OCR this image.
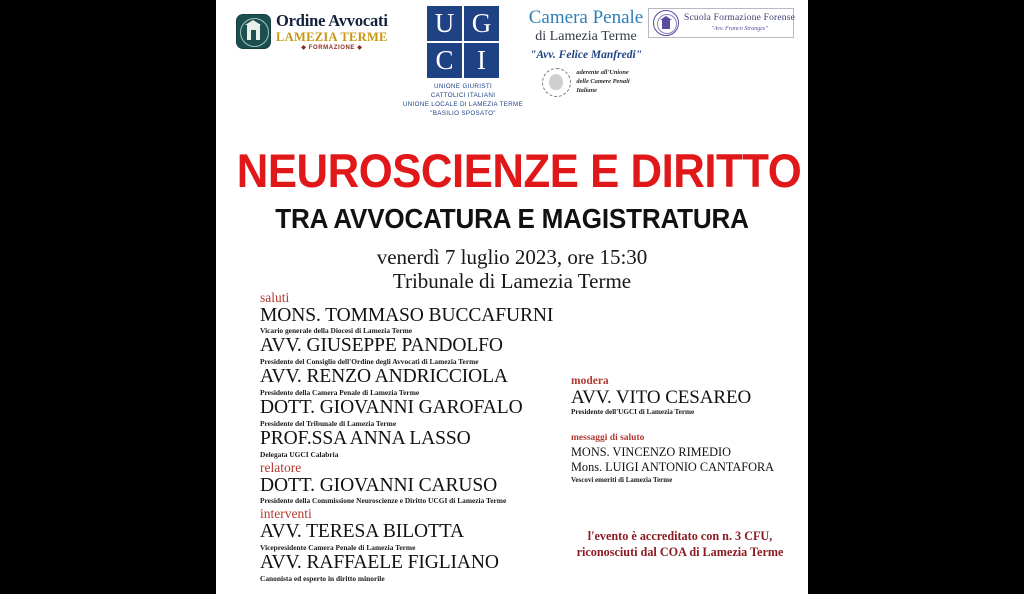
Ordine Avvocati
LAMEZIA TERME
◆ FORMAZIONE ◆
U G
C I
UNIONE GIURISTI
CATTOLICI ITALIANI
UNIONE LOCALE DI LAMEZIA TERME
"BASILIO SPOSATO"
Camera Penale
di Lamezia Terme
"Avv. Felice Manfredi"
aderente all'Unione
delle Camere Penali
Italiane
Scuola Formazione Forense
"Avv. Franco Stranges"
NEUROSCIENZE E DIRITTO
TRA AVVOCATURA E MAGISTRATURA
venerdì 7 luglio 2023, ore 15:30
Tribunale di Lamezia Terme
saluti
MONS. TOMMASO BUCCAFURNI
Vicario generale della Diocesi di Lamezia Terme
AVV. GIUSEPPE PANDOLFO
Presidente del Consiglio dell'Ordine degli Avvocati di Lamezia Terme
AVV. RENZO ANDRICCIOLA
Presidente della Camera Penale di Lamezia Terme
DOTT. GIOVANNI GAROFALO
Presidente del Tribunale di Lamezia Terme
PROF.SSA ANNA LASSO
Delegata UGCI Calabria
relatore
DOTT. GIOVANNI CARUSO
Presidente della Commissione Neuroscienze e Diritto UCGI di Lamezia Terme
interventi
AVV. TERESA BILOTTA
Vicepresidente Camera Penale di Lamezia Terme
AVV. RAFFAELE FIGLIANO
Canonista ed esperto in diritto minorile
modera
AVV. VITO CESAREO
Presidente dell'UGCI di Lamezia Terme
messaggi di saluto
MONS. VINCENZO RIMEDIO
Mons. LUIGI ANTONIO CANTAFORA
Vescovi emeriti di Lamezia Terme
l'evento è accreditato con n. 3 CFU,
riconosciuti dal COA di Lamezia Terme
